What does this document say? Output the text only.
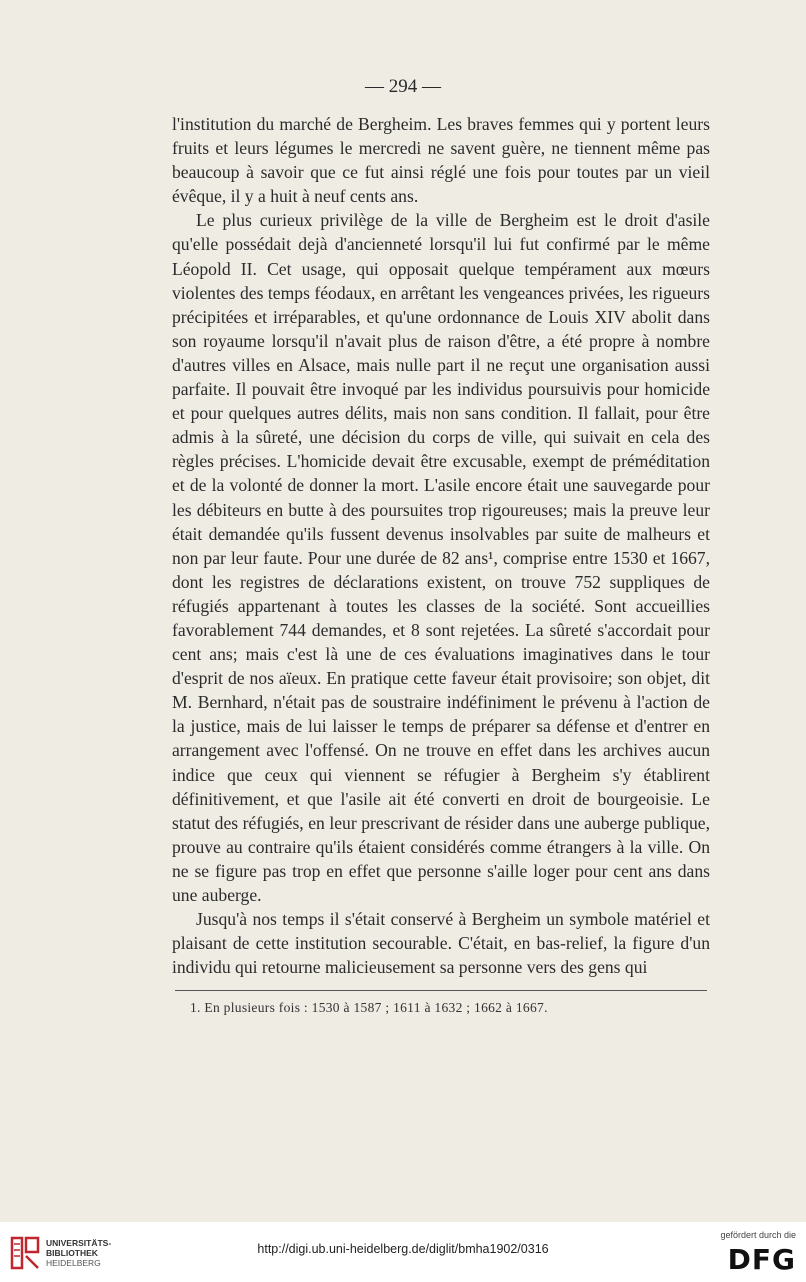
— 294 —

l'institution du marché de Bergheim. Les braves femmes qui y portent leurs fruits et leurs légumes le mercredi ne savent guère, ne tiennent même pas beaucoup à savoir que ce fut ainsi réglé une fois pour toutes par un vieil évêque, il y a huit à neuf cents ans.

Le plus curieux privilège de la ville de Bergheim est le droit d'asile qu'elle possédait dejà d'ancienneté lorsqu'il lui fut confirmé par le même Léopold II. Cet usage, qui opposait quelque tempérament aux mœurs violentes des temps féodaux, en arrêtant les vengeances privées, les rigueurs précipitées et irréparables, et qu'une ordonnance de Louis XIV abolit dans son royaume lorsqu'il n'avait plus de raison d'être, a été propre à nombre d'autres villes en Alsace, mais nulle part il ne reçut une organisation aussi parfaite. Il pouvait être invoqué par les individus poursuivis pour homicide et pour quelques autres délits, mais non sans condition. Il fallait, pour être admis à la sûreté, une décision du corps de ville, qui suivait en cela des règles précises. L'homicide devait être excusable, exempt de préméditation et de la volonté de donner la mort. L'asile encore était une sauvegarde pour les débiteurs en butte à des poursuites trop rigoureuses; mais la preuve leur était demandée qu'ils fussent devenus insolvables par suite de malheurs et non par leur faute. Pour une durée de 82 ans¹, comprise entre 1530 et 1667, dont les registres de déclarations existent, on trouve 752 suppliques de réfugiés appartenant à toutes les classes de la société. Sont accueillies favorablement 744 demandes, et 8 sont rejetées. La sûreté s'accordait pour cent ans; mais c'est là une de ces évaluations imaginatives dans le tour d'esprit de nos aïeux. En pratique cette faveur était provisoire; son objet, dit M. Bernhard, n'était pas de soustraire indéfiniment le prévenu à l'action de la justice, mais de lui laisser le temps de préparer sa défense et d'entrer en arrangement avec l'offensé. On ne trouve en effet dans les archives aucun indice que ceux qui viennent se réfugier à Bergheim s'y établirent définitivement, et que l'asile ait été converti en droit de bourgeoisie. Le statut des réfugiés, en leur prescrivant de résider dans une auberge publique, prouve au contraire qu'ils étaient considérés comme étrangers à la ville. On ne se figure pas trop en effet que personne s'aille loger pour cent ans dans une auberge.

Jusqu'à nos temps il s'était conservé à Bergheim un symbole matériel et plaisant de cette institution secourable. C'était, en bas-relief, la figure d'un individu qui retourne malicieusement sa personne vers des gens qui

1. En plusieurs fois : 1530 à 1587 ; 1611 à 1632 ; 1662 à 1667.
UNIVERSITÄTS-
BIBLIOTHEK
HEIDELBERG
http://digi.ub.uni-heidelberg.de/diglit/bmha1902/0316
gefördert durch die
DFG
